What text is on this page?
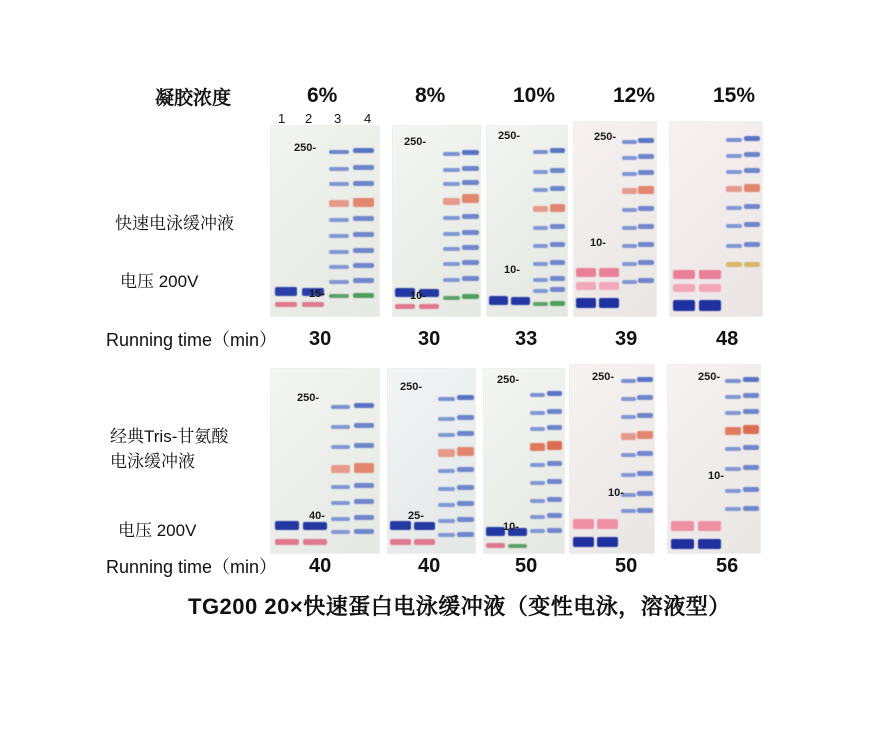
凝胶浓度	6%	8%	10%	12%	15%
1 2 3 4
快速电泳缓冲液
电压 200V
250-
15-
250-
10-
250-
10-
250-
10-
Running time（min） 30	30	33	39	48
经典Tris-甘氨酸
电泳缓冲液
电压 200V
250-
40-
250-
25-
250-
10-
250-
10-
250-
10-
Running time（min） 40	40	50	50	56
TG200 20×快速蛋白电泳缓冲液（变性电泳，溶液型）
